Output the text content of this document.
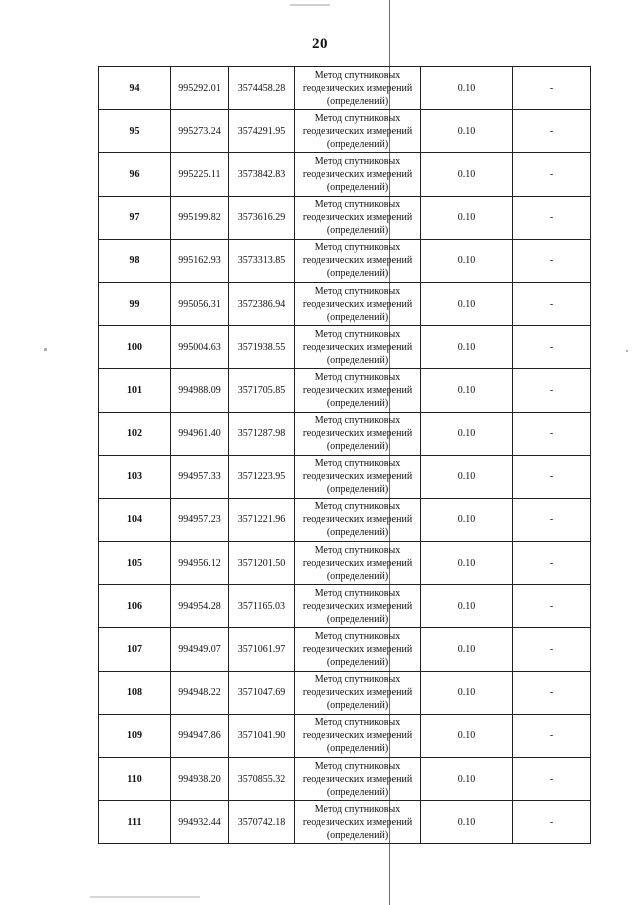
20
94	995292.01	3574458.28	Метод спутниковых
геодезических измерений
(определений)	0.10	-
95	995273.24	3574291.95	Метод спутниковых
геодезических измерений
(определений)	0.10	-
96	995225.11	3573842.83	Метод спутниковых
геодезических измерений
(определений)	0.10	-
97	995199.82	3573616.29	Метод спутниковых
геодезических измерений
(определений)	0.10	-
98	995162.93	3573313.85	Метод спутниковых
геодезических измерений
(определений)	0.10	-
99	995056.31	3572386.94	Метод спутниковых
геодезических измерений
(определений)	0.10	-
100	995004.63	3571938.55	Метод спутниковых
геодезических измерений
(определений)	0.10	-
101	994988.09	3571705.85	Метод спутниковых
геодезических измерений
(определений)	0.10	-
102	994961.40	3571287.98	Метод спутниковых
геодезических измерений
(определений)	0.10	-
103	994957.33	3571223.95	Метод спутниковых
геодезических измерений
(определений)	0.10	-
104	994957.23	3571221.96	Метод спутниковых
геодезических измерений
(определений)	0.10	-
105	994956.12	3571201.50	Метод спутниковых
геодезических измерений
(определений)	0.10	-
106	994954.28	3571165.03	Метод спутниковых
геодезических измерений
(определений)	0.10	-
107	994949.07	3571061.97	Метод спутниковых
геодезических измерений
(определений)	0.10	-
108	994948.22	3571047.69	Метод спутниковых
геодезических измерений
(определений)	0.10	-
109	994947.86	3571041.90	Метод спутниковых
геодезических измерений
(определений)	0.10	-
110	994938.20	3570855.32	Метод спутниковых
геодезических измерений
(определений)	0.10	-
111	994932.44	3570742.18	Метод спутниковых
геодезических измерений
(определений)	0.10	-
